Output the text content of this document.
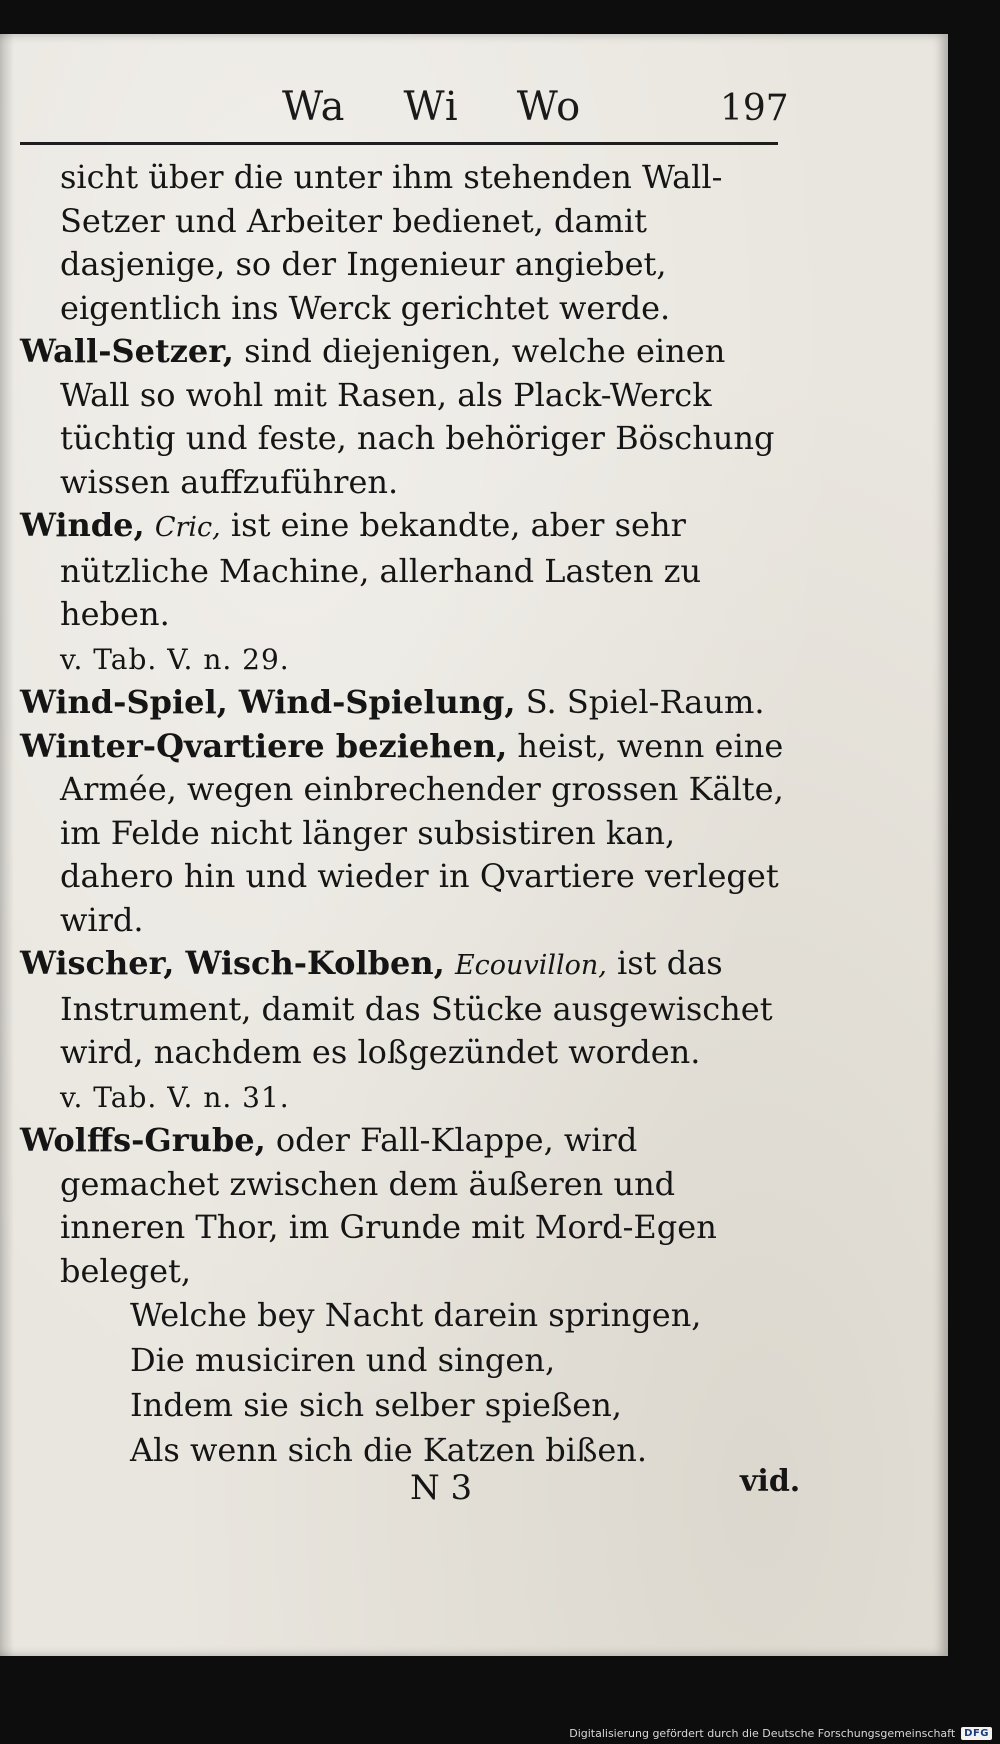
Wa Wi Wo	197

sicht über die unter ihm stehenden Wall-Setzer und Arbeiter bedienet, damit dasjenige, so der Ingenieur angiebet, eigentlich ins Werck gerichtet werde.

Wall-Setzer, sind diejenigen, welche einen Wall so wohl mit Rasen, als Plack-Werck tüchtig und feste, nach behöriger Böschung wissen auffzuführen.

Winde, Cric, ist eine bekandte, aber sehr nützliche Machine, allerhand Lasten zu heben.
v. Tab. V. n. 29.

Wind-Spiel, Wind-Spielung, S. Spiel-Raum.

Winter-Qvartiere beziehen, heist, wenn eine Armée, wegen einbrechender grossen Kälte, im Felde nicht länger subsistiren kan, dahero hin und wieder in Qvartiere verleget wird.

Wischer, Wisch-Kolben, Ecouvillon, ist das Instrument, damit das Stücke ausgewischet wird, nachdem es loßgezündet worden.
v. Tab. V. n. 31.

Wolffs-Grube, oder Fall-Klappe, wird gemachet zwischen dem äußeren und inneren Thor, im Grunde mit Mord-Egen beleget,

Welche bey Nacht darein springen,

Die musiciren und singen,

Indem sie sich selber spießen,

Als wenn sich die Katzen bißen.

N 3	vid.
Digitalisierung gefördert durch die Deutsche Forschungsgemeinschaft DFG
